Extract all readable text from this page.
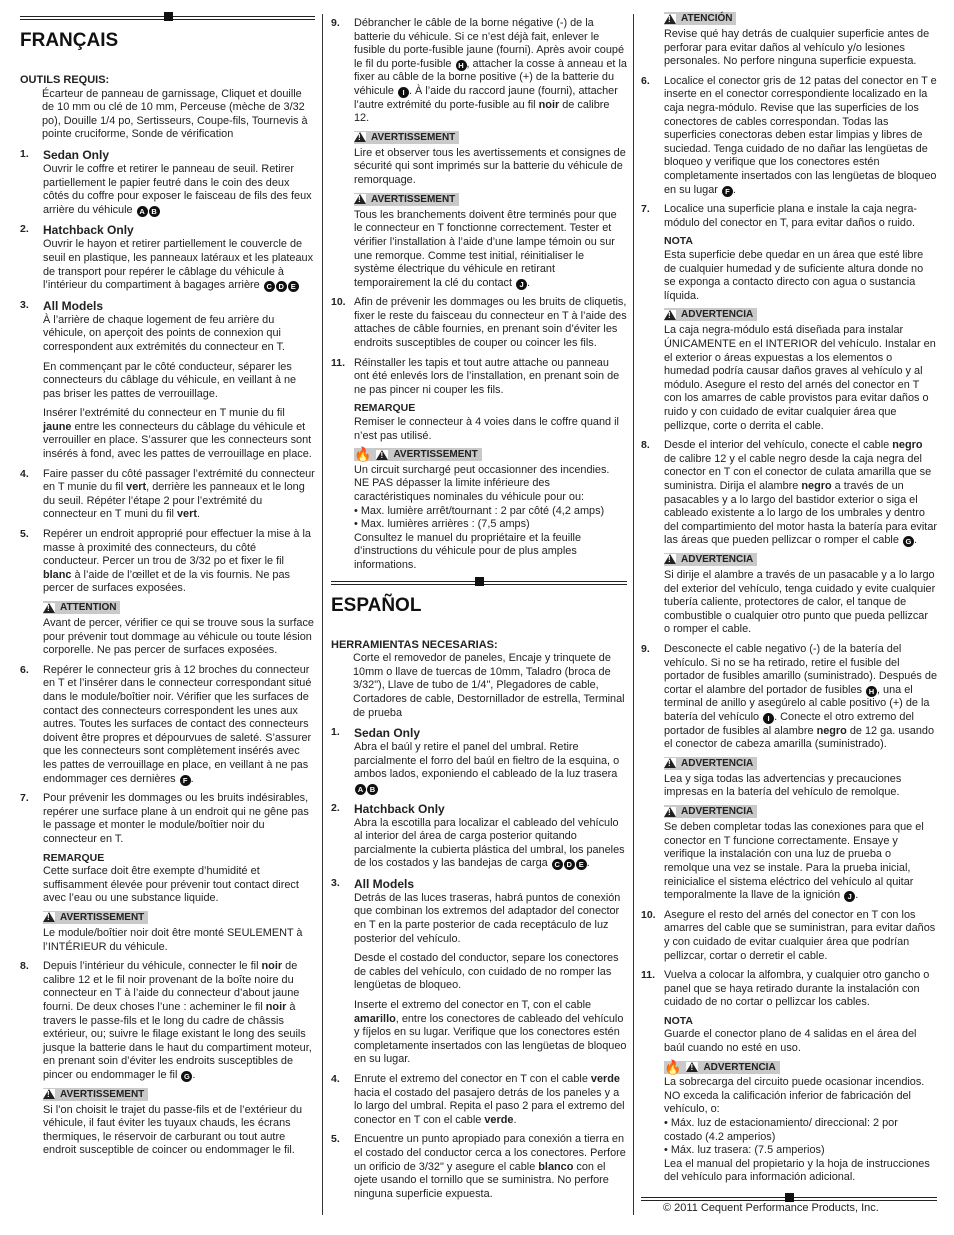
FRANÇAIS
OUTILS REQUIS:
Écarteur de panneau de garnissage, Cliquet et douille de 10 mm ou clé de 10 mm, Perceuse (mèche de 3/32 po), Douille 1/4 po, Sertisseurs, Coupe-fils, Tournevis à pointe cruciforme, Sonde de vérification
1.	Sedan Only
Ouvrir le coffre et retirer le panneau de seuil. Retirer partiellement le papier feutré dans le coin des deux côtés du coffre pour exposer le faisceau de fils des feux arrière du véhicule A B
2.	Hatchback Only
Ouvrir le hayon et retirer partiellement le couvercle de seuil en plastique, les panneaux latéraux et les plateaux de transport pour repérer le câblage du véhicule à l’intérieur du compartiment à bagages arrière C D E
3.	All Models
À l’arrière de chaque logement de feu arrière du véhicule, on aperçoit des points de connexion qui correspondent aux extrémités du connecteur en T.
En commençant par le côté conducteur, séparer les connecteurs du câblage du véhicule, en veillant à ne pas briser les pattes de verrouillage.
Insérer l’extrémité du connecteur en T munie du fil jaune entre les connecteurs du câblage du véhicule et verrouiller en place. S’assurer que les connecteurs sont insérés à fond, avec les pattes de verrouillage en place.
4.	Faire passer du côté passager l’extrémité du connecteur en T munie du fil vert, derrière les panneaux et le long du seuil. Répéter l’étape 2 pour l’extrémité du connecteur en T muni du fil vert.
5.	Repérer un endroit approprié pour effectuer la mise à la masse à proximité des connecteurs, du côté conducteur. Percer un trou de 3/32 po et fixer le fil blanc à l’aide de l’œillet et de la vis fournis. Ne pas percer de surfaces exposées.
!
ATTENTION
Avant de percer, vérifier ce qui se trouve sous la surface pour prévenir tout dommage au véhicule ou toute lésion corporelle. Ne pas percer de surfaces exposées.
6.	Repérer le connecteur gris à 12 broches du connecteur en T et l’insérer dans le connecteur correspondant situé dans le module/boîtier noir. Vérifier que les surfaces de contact des connecteurs correspondent les unes aux autres. Toutes les surfaces de contact des connecteurs doivent être propres et dépourvues de saleté. S’assurer que les connecteurs sont complètement insérés avec les pattes de verrouillage en place, en veillant à ne pas endommager ces dernières F .
7.	Pour prévenir les dommages ou les bruits indésirables, repérer une surface plane à un endroit qui ne gêne pas le passage et monter le module/boîtier noir du connecteur en T.
REMARQUE
Cette surface doit être exempte d’humidité et suffisamment élevée pour prévenir tout contact direct avec l’eau ou une substance liquide.
!
AVERTISSEMENT
Le module/boîtier noir doit être monté SEULEMENT à l’INTÉRIEUR du véhicule.
8.	Depuis l’intérieur du véhicule, connecter le fil noir de calibre 12 et le fil noir provenant de la boîte noire du connecteur en T à l’aide du connecteur d’about jaune fourni. De deux choses l’une : acheminer le fil noir à travers le passe-fils et le long du cadre de châssis extérieur, ou; suivre le filage existant le long des seuils jusque la batterie dans le haut du compartiment moteur, en prenant soin d’éviter les endroits susceptibles de pincer ou endommager le fil G .
!
AVERTISSEMENT
Si l’on choisit le trajet du passe-fils et de l’extérieur du véhicule, il faut éviter les tuyaux chauds, les écrans thermiques, le réservoir de carburant ou tout autre endroit susceptible de coincer ou endommager le fil.
9.	Débrancher le câble de la borne négative (-) de la batterie du véhicule. Si ce n’est déjà fait, enlever le fusible du porte-fusible jaune (fourni). Après avoir coupé le fil du porte-fusible H , attacher la cosse à anneau et la fixer au câble de la borne positive (+) de la batterie du véhicule I . À l’aide du raccord jaune (fourni), attacher l’autre extrémité du porte-fusible au fil noir de calibre 12.
!
AVERTISSEMENT
Lire et observer tous les avertissements et consignes de sécurité qui sont imprimés sur la batterie du véhicule de remorquage.
!
AVERTISSEMENT
Tous les branchements doivent être terminés pour que le connecteur en T fonctionne correctement. Tester et vérifier l’installation à l’aide d’une lampe témoin ou sur une remorque. Comme test initial, réinitialiser le système électrique du véhicule en retirant temporairement la clé du contact J .
10. Afin de prévenir les dommages ou les bruits de cliquetis, fixer le reste du faisceau du connecteur en T à l’aide des attaches de câble fournies, en prenant soin d’éviter les endroits susceptibles de couper ou coincer les fils.
11. Réinstaller les tapis et tout autre attache ou panneau ont été enlevés lors de l’installation, en prenant soin de ne pas pincer ni couper les fils.
REMARQUE
Remiser le connecteur à 4 voies dans le coffre quand il n’est pas utilisé.
🔥 ! AVERTISSEMENT
Un circuit surchargé peut occasionner des incendies.
NE PAS dépasser la limite inférieure des caractéristiques nominales du véhicule pour ou:
• Max. lumière arrêt/tournant : 2 par côté (4,2 amps)
• Max. lumières arrières : (7,5 amps)
Consultez le manuel du propriétaire et la feuille d’instructions du véhicule pour de plus amples informations.
ESPAÑOL
HERRAMIENTAS NECESARIAS:
Corte el removedor de paneles, Encaje y trinquete de 10mm o llave de tuercas de 10mm, Taladro (broca de 3/32"), Llave de tubo de 1/4", Plegadores de cable, Cortadores de cable, Destornillador de estrella, Terminal de prueba
1.	Sedan Only
Abra el baúl y retire el panel del umbral. Retire parcialmente el forro del baúl en fieltro de la esquina, o ambos lados, exponiendo el cableado de la luz trasera A B
2.	Hatchback Only
Abra la escotilla para localizar el cableado del vehículo al interior del área de carga posterior quitando parcialmente la cubierta plástica del umbral, los paneles de los costados y las bandejas de carga C D E .
3.	All Models
Detrás de las luces traseras, habrá puntos de conexión que combinan los extremos del adaptador del conector en T en la parte posterior de cada receptáculo de luz posterior del vehículo.
Desde el costado del conductor, separe los conectores de cables del vehículo, con cuidado de no romper las lengüetas de bloqueo.
Inserte el extremo del conector en T, con el cable amarillo, entre los conectores de cableado del vehículo y fíjelos en su lugar. Verifique que los conectores estén completamente insertados con las lengüetas de bloqueo en su lugar.
4.	Enrute el extremo del conector en T con el cable verde hacia el costado del pasajero detrás de los paneles y a lo largo del umbral. Repita el paso 2 para el extremo del conector en T con el cable verde.
5.	Encuentre un punto apropiado para conexión a tierra en el costado del conductor cerca a los conectores. Perfore un orificio de 3/32" y asegure el cable blanco con el ojete usando el tornillo que se suministra. No perfore ninguna superficie expuesta.
!
ATENCIÓN
Revise qué hay detrás de cualquier superficie antes de perforar para evitar daños al vehículo y/o lesiones personales. No perfore ninguna superficie expuesta.
6.	Localice el conector gris de 12 patas del conector en T e inserte en el conector correspondiente localizado en la caja negra-módulo. Revise que las superficies de los conectores de cables correspondan. Todas las superficies conectoras deben estar limpias y libres de suciedad. Tenga cuidado de no dañar las lengüetas de bloqueo y verifique que los conectores estén completamente insertados con las lengüetas de bloqueo en su lugar F .
7.	Localice una superficie plana e instale la caja negra-módulo del conector en T, para evitar daños o ruido.
NOTA
Esta superficie debe quedar en un área que esté libre de cualquier humedad y de suficiente altura donde no se exponga a contacto directo con agua o sustancia líquida.
!
ADVERTENCIA
La caja negra-módulo está diseñada para instalar ÚNICAMENTE en el INTERIOR del vehículo. Instalar en el exterior o áreas expuestas a los elementos o humedad podría causar daños graves al vehículo y al módulo. Asegure el resto del arnés del conector en T con los amarres de cable provistos para evitar daños o ruido y con cuidado de evitar cualquier área que pellizque, corte o derrita el cable.
8.	Desde el interior del vehículo, conecte el cable negro de calibre 12 y el cable negro desde la caja negra del conector en T con el conector de culata amarilla que se suministra. Dirija el alambre negro a través de un pasacables y a lo largo del bastidor exterior o siga el cableado existente a lo largo de los umbrales y dentro del compartimiento del motor hasta la batería para evitar las áreas que pueden pellizcar o romper el cable G .
!
ADVERTENCIA
Si dirije el alambre a través de un pasacable y a lo largo del exterior del vehículo, tenga cuidado y evite cualquier tubería caliente, protectores de calor, el tanque de combustible o cualquier otro punto que pueda pellizcar o romper el cable.
9.	Desconecte el cable negativo (-) de la batería del vehículo. Si no se ha retirado, retire el fusible del portador de fusibles amarillo (suministrado). Después de cortar el alambre del portador de fusibles H , una el terminal de anillo y asegúrelo al cable positivo (+) de la batería del vehículo I . Conecte el otro extremo del portador de fusibles al alambre negro de 12 ga. usando el conector de cabeza amarilla (suministrado).
!
ADVERTENCIA
Lea y siga todas las advertencias y precauciones impresas en la batería del vehículo de remolque.
!
ADVERTENCIA
Se deben completar todas las conexiones para que el conector en T funcione correctamente. Ensaye y verifique la instalación con una luz de prueba o remolque una vez se instale. Para la prueba inicial, reinicialice el sistema eléctrico del vehículo al quitar temporalmente la llave de la ignición J .
10. Asegure el resto del arnés del conector en T con los amarres del cable que se suministran, para evitar daños y con cuidado de evitar cualquier área que podrían pellizcar, cortar o derretir el cable.
11. Vuelva a colocar la alfombra, y cualquier otro gancho o panel que se haya retirado durante la instalación con cuidado de no cortar o pellizcar los cables.
NOTA
Guarde el conector plano de 4 salidas en el área del baúl cuando no esté en uso.
🔥 ! ADVERTENCIA
La sobrecarga del circuito puede ocasionar incendios.
NO exceda la calificación inferior de fabricación del vehículo, o:
• Máx. luz de estacionamiento/ direccional: 2 por costado (4.2 amperios)
• Máx. luz trasera: (7.5 amperios)
Lea el manual del propietario y la hoja de instrucciones del vehículo para información adicional.
© 2011 Cequent Performance Products, Inc.
